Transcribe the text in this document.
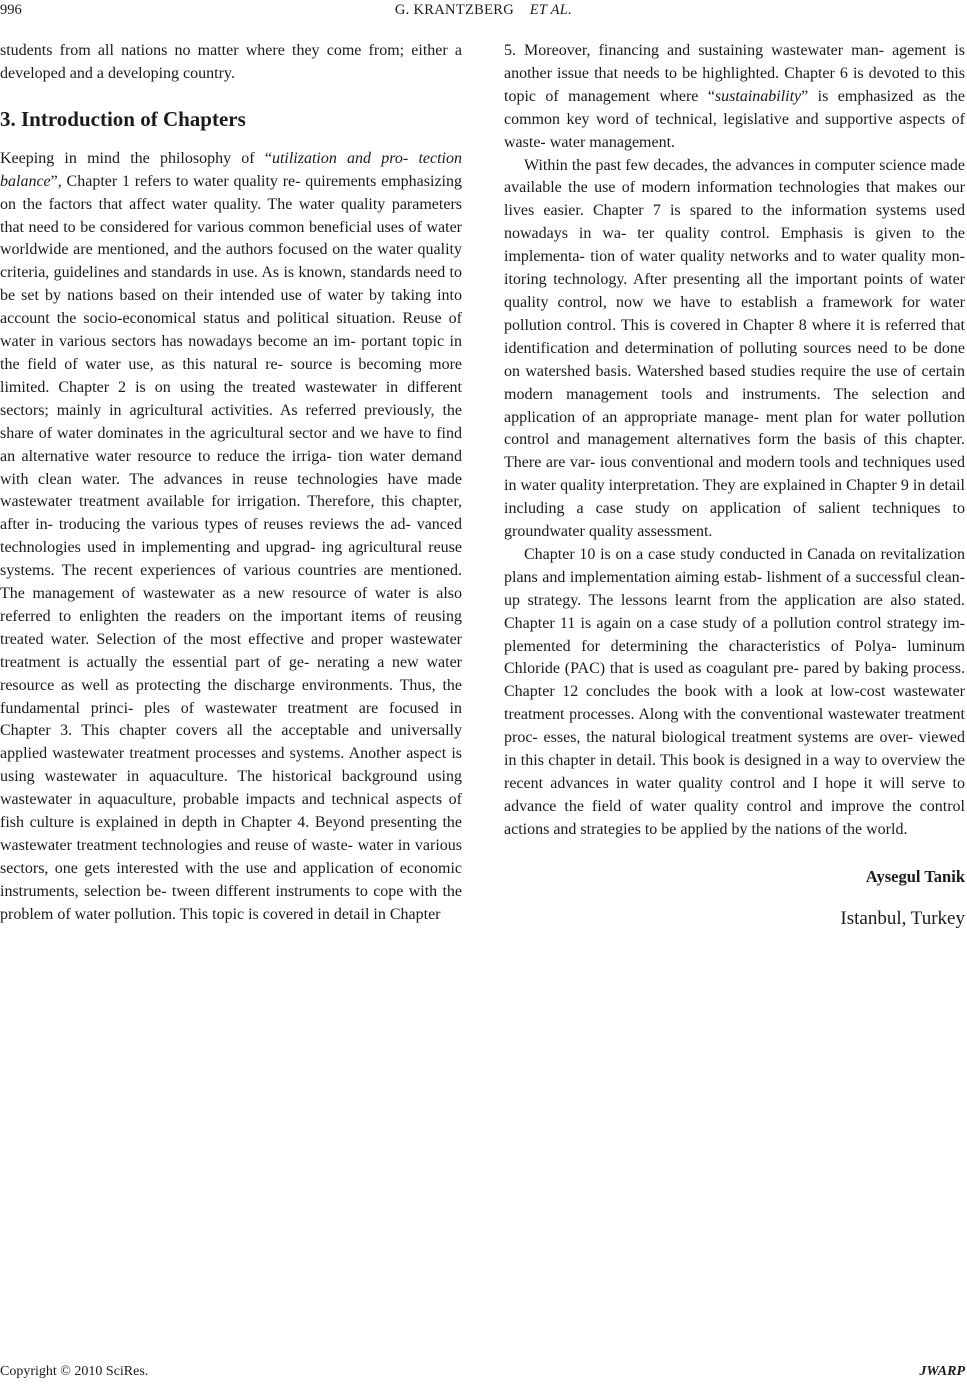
996	G. KRANTZBERG ET AL.

students from all nations no matter where they come from; either a developed and a developing country.

3. Introduction of Chapters

Keeping in mind the philosophy of “utilization and pro- tection balance”, Chapter 1 refers to water quality re- quirements emphasizing on the factors that affect water quality. The water quality parameters that need to be considered for various common beneficial uses of water worldwide are mentioned, and the authors focused on the water quality criteria, guidelines and standards in use. As is known, standards need to be set by nations based on their intended use of water by taking into account the socio-economical status and political situation. Reuse of water in various sectors has nowadays become an im- portant topic in the field of water use, as this natural re- source is becoming more limited. Chapter 2 is on using the treated wastewater in different sectors; mainly in agricultural activities. As referred previously, the share of water dominates in the agricultural sector and we have to find an alternative water resource to reduce the irriga- tion water demand with clean water. The advances in reuse technologies have made wastewater treatment available for irrigation. Therefore, this chapter, after in- troducing the various types of reuses reviews the ad- vanced technologies used in implementing and upgrad- ing agricultural reuse systems. The recent experiences of various countries are mentioned. The management of wastewater as a new resource of water is also referred to enlighten the readers on the important items of reusing treated water. Selection of the most effective and proper wastewater treatment is actually the essential part of ge- nerating a new water resource as well as protecting the discharge environments. Thus, the fundamental princi- ples of wastewater treatment are focused in Chapter 3. This chapter covers all the acceptable and universally applied wastewater treatment processes and systems. Another aspect is using wastewater in aquaculture. The historical background using wastewater in aquaculture, probable impacts and technical aspects of fish culture is explained in depth in Chapter 4. Beyond presenting the wastewater treatment technologies and reuse of waste- water in various sectors, one gets interested with the use and application of economic instruments, selection be- tween different instruments to cope with the problem of water pollution. This topic is covered in detail in Chapter

5. Moreover, financing and sustaining wastewater man- agement is another issue that needs to be highlighted. Chapter 6 is devoted to this topic of management where “sustainability” is emphasized as the common key word of technical, legislative and supportive aspects of waste- water management.

Within the past few decades, the advances in computer science made available the use of modern information technologies that makes our lives easier. Chapter 7 is spared to the information systems used nowadays in wa- ter quality control. Emphasis is given to the implementa- tion of water quality networks and to water quality mon- itoring technology. After presenting all the important points of water quality control, now we have to establish a framework for water pollution control. This is covered in Chapter 8 where it is referred that identification and determination of polluting sources need to be done on watershed basis. Watershed based studies require the use of certain modern management tools and instruments. The selection and application of an appropriate manage- ment plan for water pollution control and management alternatives form the basis of this chapter. There are var- ious conventional and modern tools and techniques used in water quality interpretation. They are explained in Chapter 9 in detail including a case study on application of salient techniques to groundwater quality assessment.

Chapter 10 is on a case study conducted in Canada on revitalization plans and implementation aiming estab- lishment of a successful clean-up strategy. The lessons learnt from the application are also stated. Chapter 11 is again on a case study of a pollution control strategy im- plemented for determining the characteristics of Polya- luminum Chloride (PAC) that is used as coagulant pre- pared by baking process. Chapter 12 concludes the book with a look at low-cost wastewater treatment processes. Along with the conventional wastewater treatment proc- esses, the natural biological treatment systems are over- viewed in this chapter in detail. This book is designed in a way to overview the recent advances in water quality control and I hope it will serve to advance the field of water quality control and improve the control actions and strategies to be applied by the nations of the world.

Aysegul Tanik
Istanbul, Turkey
Copyright © 2010 SciRes.	JWARP
